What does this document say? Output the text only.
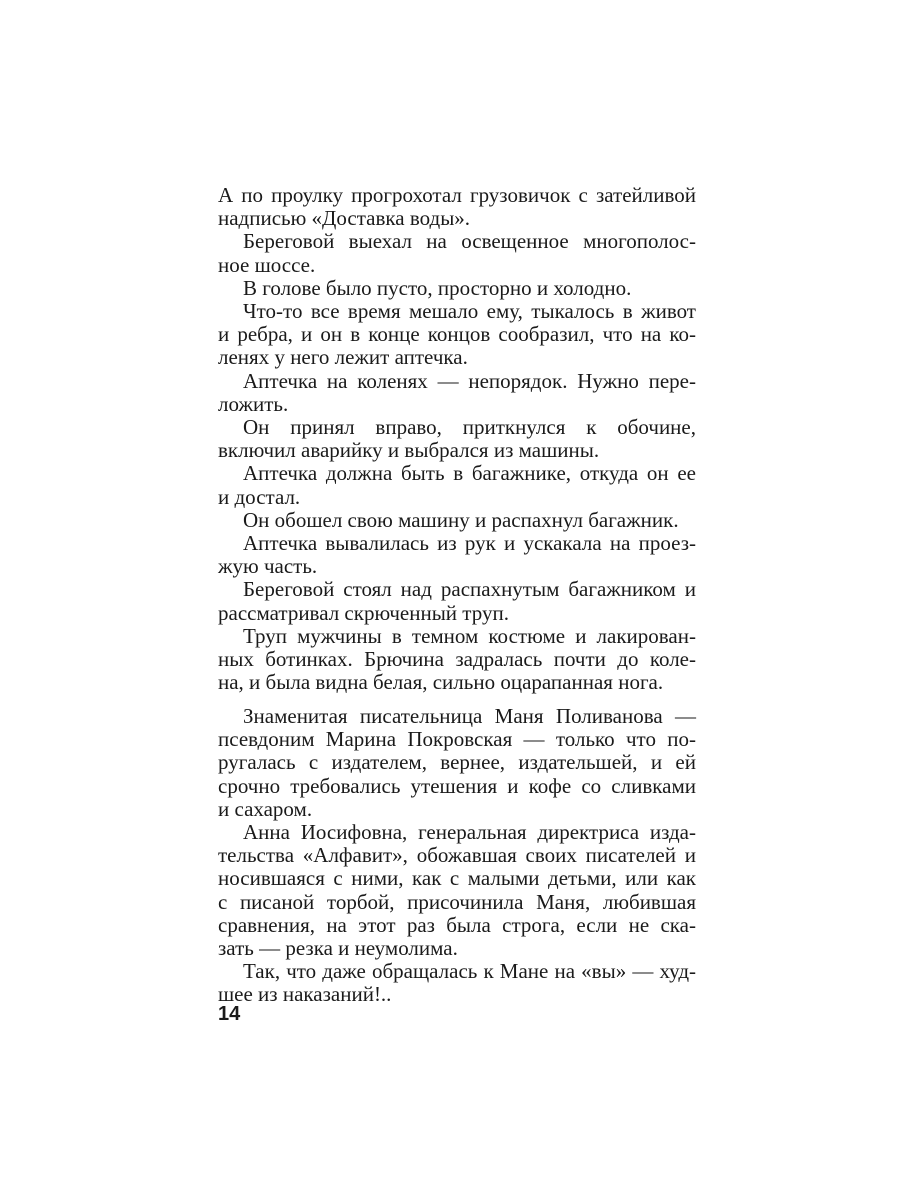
А по проулку прогрохотал грузовичок с затейливой
надписью «Доставка воды».
Береговой выехал на освещенное многополос-
ное шоссе.
В голове было пусто, просторно и холодно.
Что-то все время мешало ему, тыкалось в живот
и ребра, и он в конце концов сообразил, что на ко-
ленях у него лежит аптечка.
Аптечка на коленях — непорядок. Нужно пере-
ложить.
Он принял вправо, приткнулся к обочине,
включил аварийку и выбрался из машины.
Аптечка должна быть в багажнике, откуда он ее
и достал.
Он обошел свою машину и распахнул багажник.
Аптечка вывалилась из рук и ускакала на проез-
жую часть.
Береговой стоял над распахнутым багажником и
рассматривал скрюченный труп.
Труп мужчины в темном костюме и лакирован-
ных ботинках. Брючина задралась почти до коле-
на, и была видна белая, сильно оцарапанная нога.
Знаменитая писательница Маня Поливанова —
псевдоним Марина Покровская — только что по-
ругалась с издателем, вернее, издательшей, и ей
срочно требовались утешения и кофе со сливками
и сахаром.
Анна Иосифовна, генеральная директриса изда-
тельства «Алфавит», обожавшая своих писателей и
носившаяся с ними, как с малыми детьми, или как
с писаной торбой, присочинила Маня, любившая
сравнения, на этот раз была строга, если не ска-
зать — резка и неумолима.
Так, что даже обращалась к Мане на «вы» — худ-
шее из наказаний!..
14
